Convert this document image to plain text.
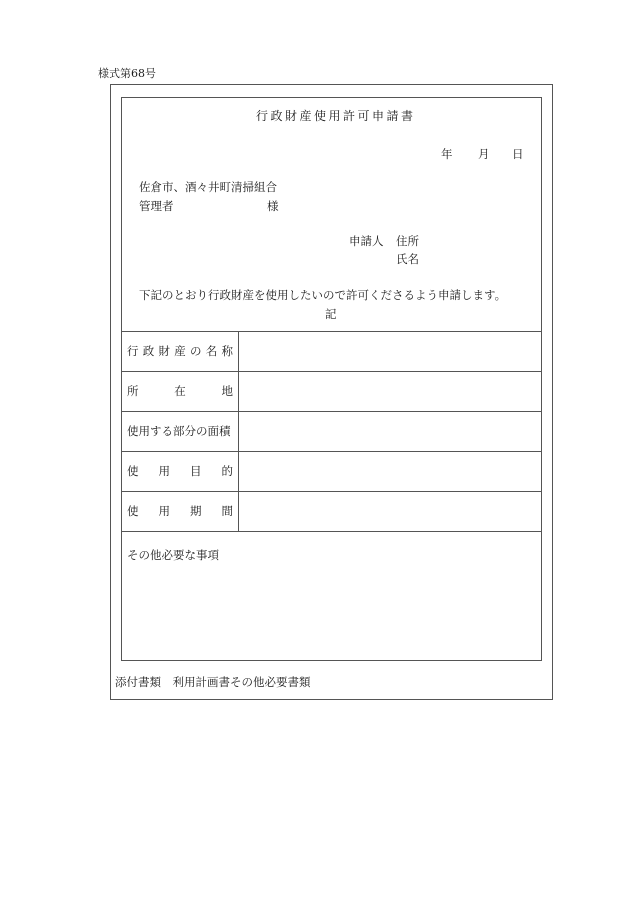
様式第68号
行政財産使用許可申請書
年 月 日
佐倉市、酒々井町清掃組合
管理者	様
申請人 住所
氏名
下記のとおり行政財産を使用したいので許可くださるよう申請します。
記
行 政 財 産 の 名 称
所	在	地
使用する部分の面積
使 用 目 的
使 用 期 間
その他必要な事項
添付書類　利用計画書その他必要書類
